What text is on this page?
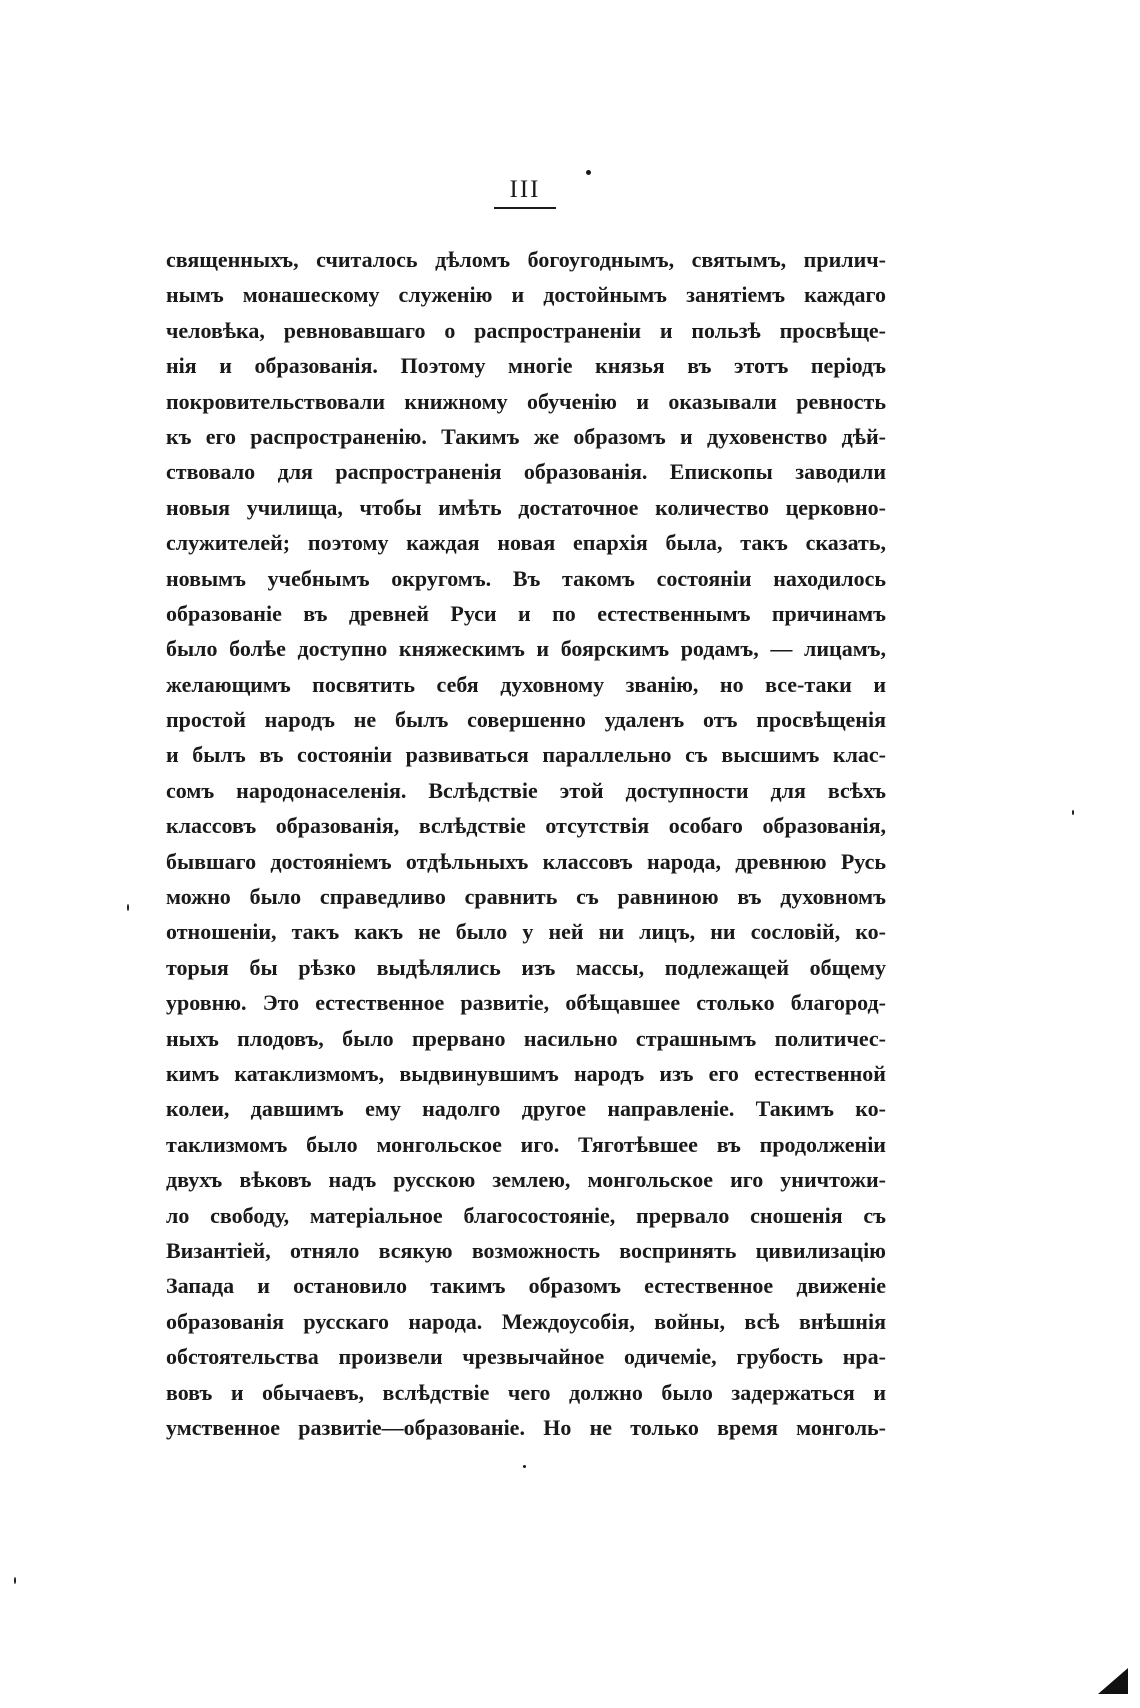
III
священныхъ, считалось дѣломъ богоугоднымъ, святымъ, прилич-
нымъ монашескому служенію и достойнымъ занятіемъ каждаго
человѣка, ревновавшаго о распространеніи и пользѣ просвѣще-
нія и образованія. Поэтому многіе князья въ этотъ періодъ
покровительствовали книжному обученію и оказывали ревность
къ его распространенію. Такимъ же образомъ и духовенство дѣй-
ствовало для распространенія образованія. Епископы заводили
новыя училища, чтобы имѣть достаточное количество церковно-
служителей; поэтому каждая новая епархія была, такъ сказать,
новымъ учебнымъ округомъ. Въ такомъ состояніи находилось
образованіе въ древней Руси и по естественнымъ причинамъ
было болѣе доступно княжескимъ и боярскимъ родамъ, — лицамъ,
желающимъ посвятить себя духовному званію, но все-таки и
простой народъ не былъ совершенно удаленъ отъ просвѣщенія
и былъ въ состояніи развиваться параллельно съ высшимъ клас-
сомъ народонаселенія. Вслѣдствіе этой доступности для всѣхъ
классовъ образованія, вслѣдствіе отсутствія особаго образованія,
бывшаго достояніемъ отдѣльныхъ классовъ народа, древнюю Русь
можно было справедливо сравнить съ равниною въ духовномъ
отношеніи, такъ какъ не было у ней ни лицъ, ни сословій, ко-
торыя бы рѣзко выдѣлялись изъ массы, подлежащей общему
уровню. Это естественное развитіе, обѣщавшее столько благород-
ныхъ плодовъ, было прервано насильно страшнымъ политичес-
кимъ катаклизмомъ, выдвинувшимъ народъ изъ его естественной
колеи, давшимъ ему надолго другое направленіе. Такимъ ко-
таклизмомъ было монгольское иго. Тяготѣвшее въ продолженіи
двухъ вѣковъ надъ русскою землею, монгольское иго уничтожи-
ло свободу, матеріальное благосостояніе, прервало сношенія съ
Византіей, отняло всякую возможность воспринять цивилизацію
Запада и остановило такимъ образомъ естественное движеніе
образованія русскаго народа. Междоусобія, войны, всѣ внѣшнія
обстоятельства произвели чрезвычайное одичеміе, грубость нра-
вовъ и обычаевъ, вслѣдствіе чего должно было задержаться и
умственное развитіе—образованіе. Но не только время монголь-
